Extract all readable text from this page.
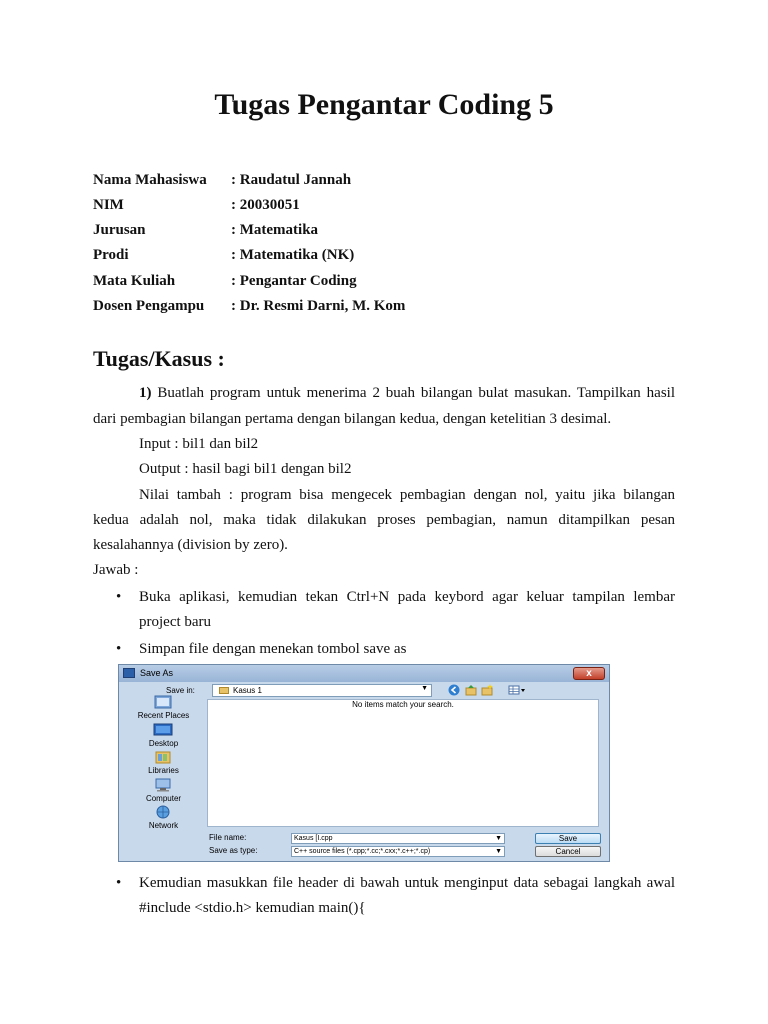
Tugas Pengantar Coding 5
Nama Mahasiswa	: Raudatul Jannah
NIM	: 20030051
Jurusan	: Matematika
Prodi	: Matematika (NK)
Mata Kuliah	: Pengantar Coding
Dosen Pengampu	: Dr. Resmi Darni, M. Kom
Tugas/Kasus :
1) Buatlah program untuk menerima 2 buah bilangan bulat masukan. Tampilkan hasil
dari pembagian bilangan pertama dengan bilangan kedua, dengan ketelitian 3 desimal.
Input : bil1 dan bil2
Output : hasil bagi bil1 dengan bil2
Nilai tambah : program bisa mengecek pembagian dengan nol, yaitu jika bilangan
kedua adalah nol, maka tidak dilakukan proses pembagian, namun ditampilkan pesan
kesalahannya (division by zero).
Jawab :
• Buka aplikasi, kemudian tekan Ctrl+N pada keybord agar keluar tampilan lembar
project baru
• Simpan file dengan menekan tombol save as
Save As	x
Save in:	Kasus 1	▼
Recent Places
Desktop
Libraries
Computer
Network
No items match your search.
File name:	Kasus [I.cpp	▼
Save as type:	C++ source files (*.cpp;*.cc;*.cxx;*.c++;*.cp)	▼
Save
Cancel
• Kemudian masukkan file header di bawah untuk menginput data sebagai langkah awal
#include <stdio.h> kemudian main(){
